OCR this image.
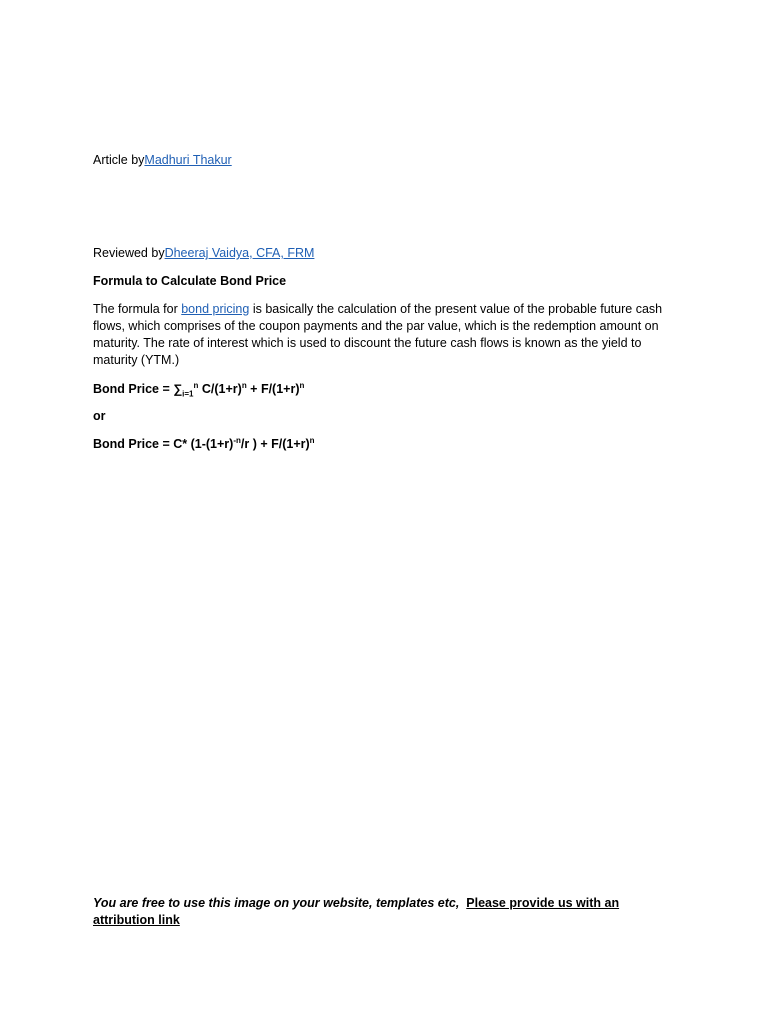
Article byMadhuri Thakur
Reviewed byDheeraj Vaidya, CFA, FRM
Formula to Calculate Bond Price
The formula for bond pricing is basically the calculation of the present value of the probable future cash flows, which comprises of the coupon payments and the par value, which is the redemption amount on maturity. The rate of interest which is used to discount the future cash flows is known as the yield to maturity (YTM.)
Bond Price = $\sum_{i=1}^n$ $C/(1+r)^n + F/(1+r)^n$
or
Bond Price = C* ($1-(1+r)^{-n}/r$ ) + $F/(1+r)^n$
You are free to use this image on your website, templates etc, Please provide us with an attribution link
